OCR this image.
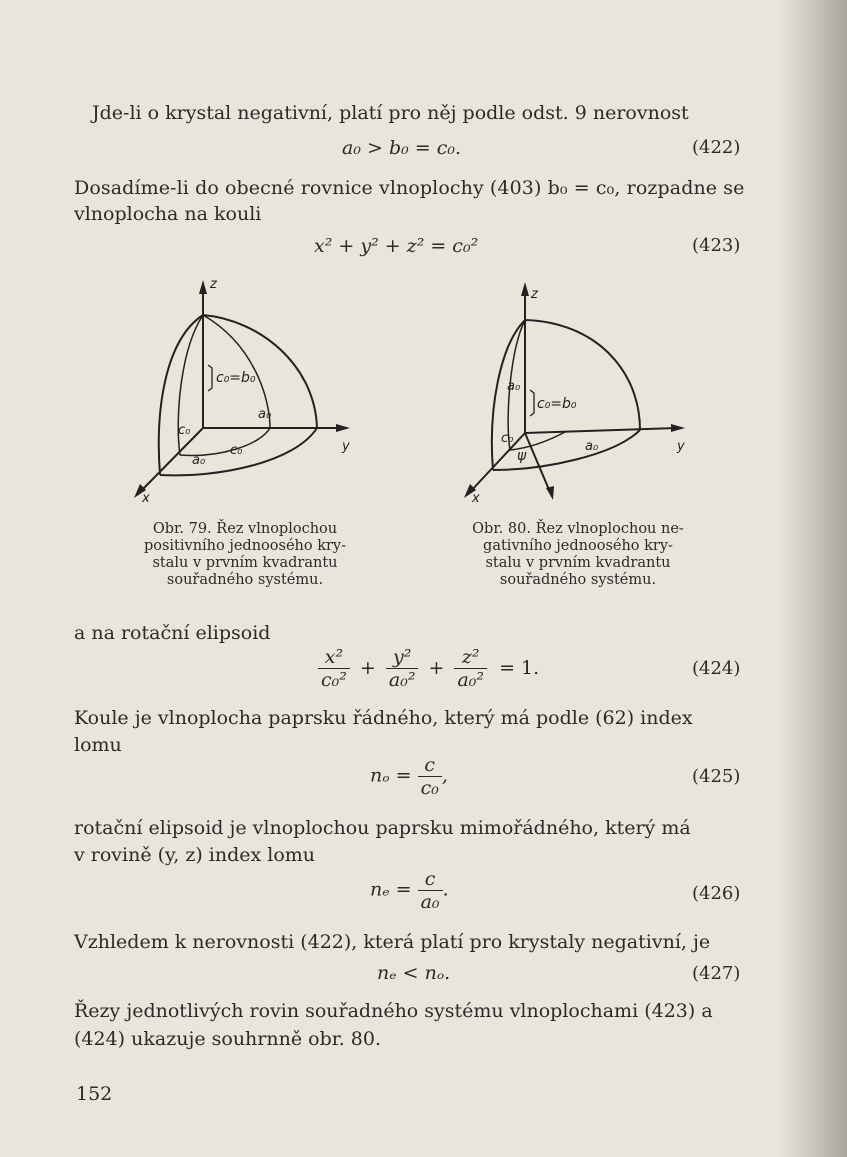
Jde-li o krystal negativní, platí pro něj podle odst. 9 nerovnost
a₀ > b₀ = c₀.	(422)
Dosadíme-li do obecné rovnice vlnoplochy (403) b₀ = c₀, rozpadne se
vlnoplocha na kouli
x² + y² + z² = c₀²	(423)
z
y
x
c₀=b₀
a₀
c₀
c₀
a₀
Obr. 79. Řez vlnoplochou
positivního jednoosého kry-
stalu v prvním kvadrantu
souřadného systému.
z
y
x
c₀=b₀
a₀
c₀
a₀
ψ
Obr. 80. Řez vlnoplochou ne-
gativního jednoosého kry-
stalu v prvním kvadrantu
souřadného systému.
a na rotační elipsoid
$\frac{\text{x²}}{\text{c₀²}} + \frac{\text{y²}}{\text{a₀²}} + \frac{\text{z²}}{\text{a₀²}} = 1$.	(424)
Koule je vlnoplocha paprsku řádného, který má podle (62) index
lomu
$n_o = \frac{c}{\text{c₀}}$ ,	(425)
rotační elipsoid je vlnoplochou paprsku mimořádného, který má
v rovině (y, z) index lomu
$n_e = \frac{c}{\text{a₀}}$ .	(426)
Vzhledem k nerovnosti (422), která platí pro krystaly negativní, je
nₑ < nₒ.	(427)
Řezy jednotlivých rovin souřadného systému vlnoplochami (423) a
(424) ukazuje souhrnně obr. 80.
152
